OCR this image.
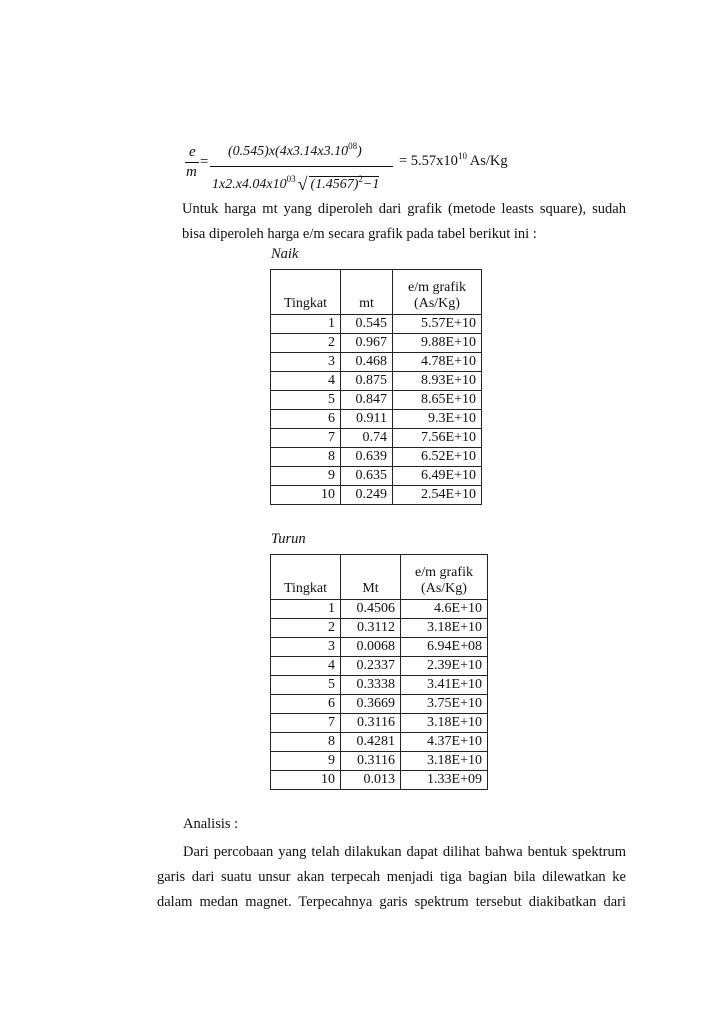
e
m
=
$(0.545)x(4x3.14x3.10^{08})$
$1x2.x4.04x10^{03}$ √ $(1.4567)^2-1$
= $5.57x10^{10}$ As/Kg
Untuk harga mt yang diperoleh dari grafik (metode leasts square), sudah
bisa diperoleh harga e/m secara grafik pada tabel berikut ini :
Naik
Tingkat	mt	e/m grafik
(As/Kg)
1	0.545	5.57E+10
2	0.967	9.88E+10
3	0.468	4.78E+10
4	0.875	8.93E+10
5	0.847	8.65E+10
6	0.911	9.3E+10
7	0.74	7.56E+10
8	0.639	6.52E+10
9	0.635	6.49E+10
10	0.249	2.54E+10
Turun
Tingkat	Mt	e/m grafik
(As/Kg)
1	0.4506	4.6E+10
2	0.3112	3.18E+10
3	0.0068	6.94E+08
4	0.2337	2.39E+10
5	0.3338	3.41E+10
6	0.3669	3.75E+10
7	0.3116	3.18E+10
8	0.4281	4.37E+10
9	0.3116	3.18E+10
10	0.013	1.33E+09
Analisis :
Dari percobaan yang telah dilakukan dapat dilihat bahwa bentuk spektrum
garis dari suatu unsur akan terpecah menjadi tiga bagian bila dilewatkan ke
dalam medan magnet. Terpecahnya garis spektrum tersebut diakibatkan dari
